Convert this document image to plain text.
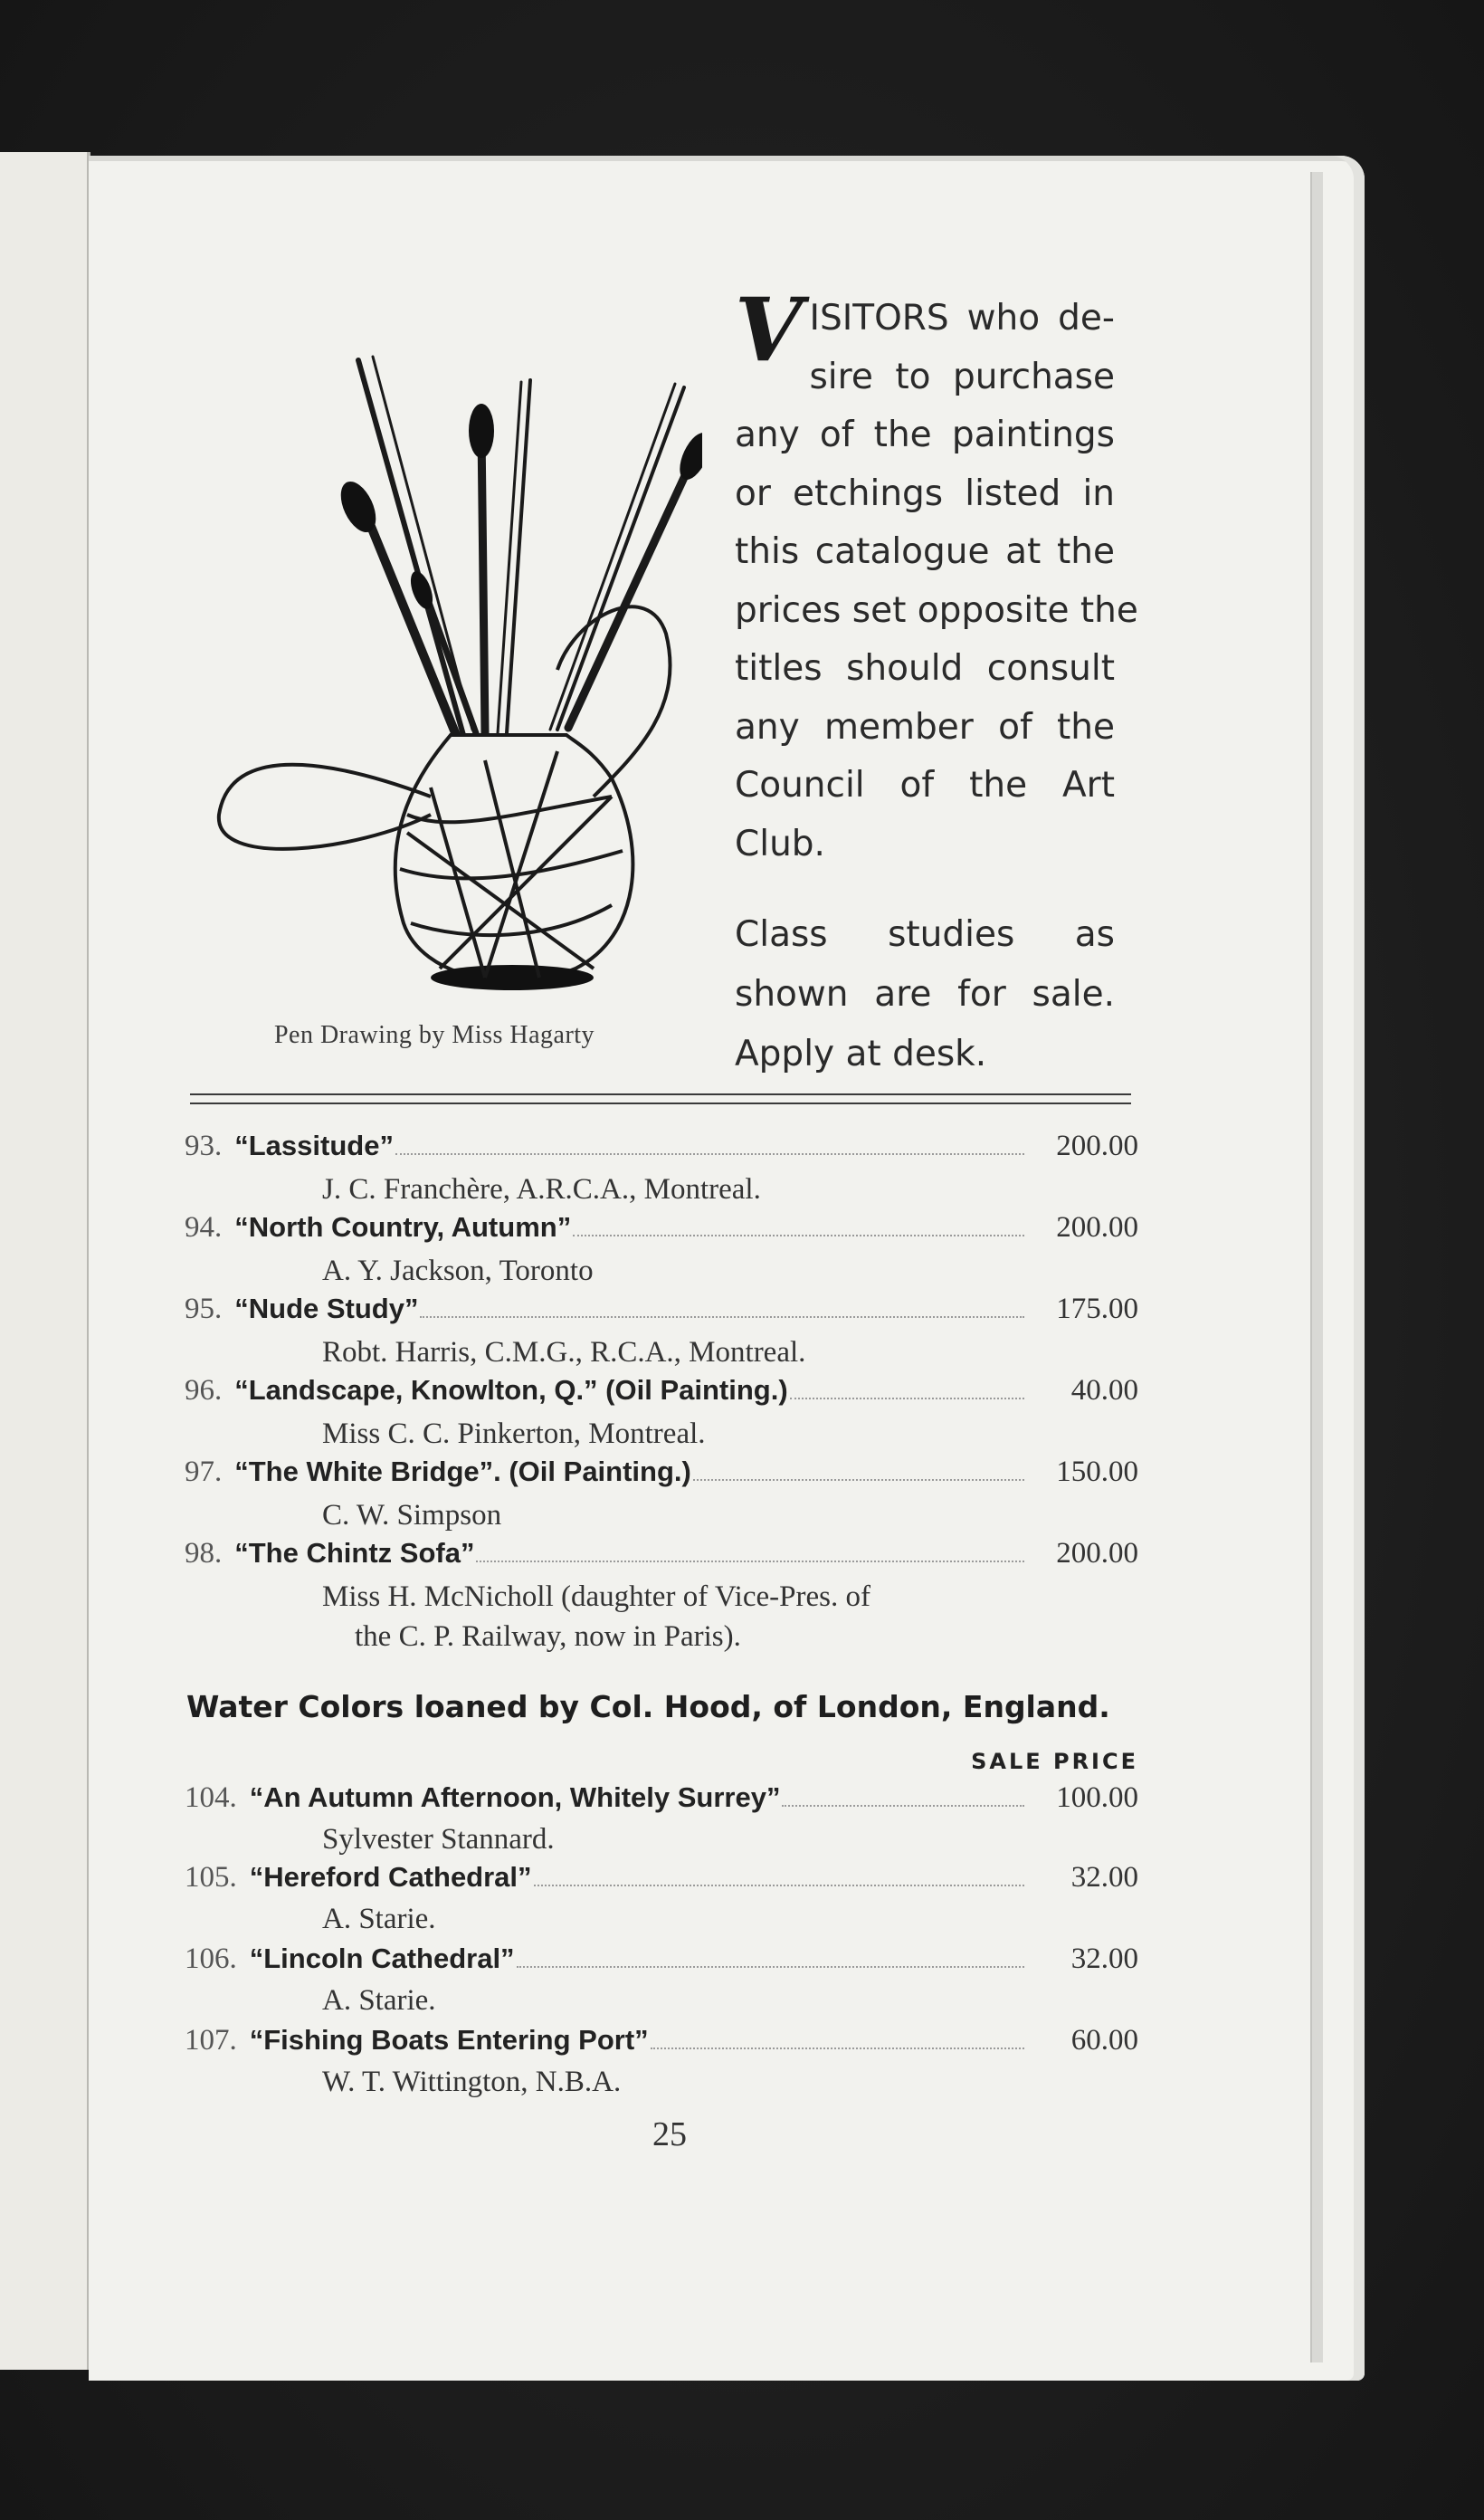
Pen Drawing by Miss Hagarty
V ISITORS who de-
sire to purchase
any of the paintings
or etchings listed in
this catalogue at the
prices set opposite the
titles should consult
any member of the
Council of the Art
Club.
Class studies as
shown are for sale.
Apply at desk.
93. “Lassitude”	200.00
J. C. Franchère, A.R.C.A., Montreal.
94. “North Country, Autumn”	200.00
A. Y. Jackson, Toronto
95. “Nude Study”	175.00
Robt. Harris, C.M.G., R.C.A., Montreal.
96. “Landscape, Knowlton, Q.” (Oil Painting.)	40.00
Miss C. C. Pinkerton, Montreal.
97. “The White Bridge”. (Oil Painting.)	150.00
C. W. Simpson
98. “The Chintz Sofa”	200.00
Miss H. McNicholl (daughter of Vice-Pres. of
the C. P. Railway, now in Paris).
Water Colors loaned by Col. Hood, of London, England.
SALE PRICE
104. “An Autumn Afternoon, Whitely Surrey”	100.00
Sylvester Stannard.
105. “Hereford Cathedral”	32.00
A. Starie.
106. “Lincoln Cathedral”	32.00
A. Starie.
107. “Fishing Boats Entering Port”	60.00
W. T. Wittington, N.B.A.
25
